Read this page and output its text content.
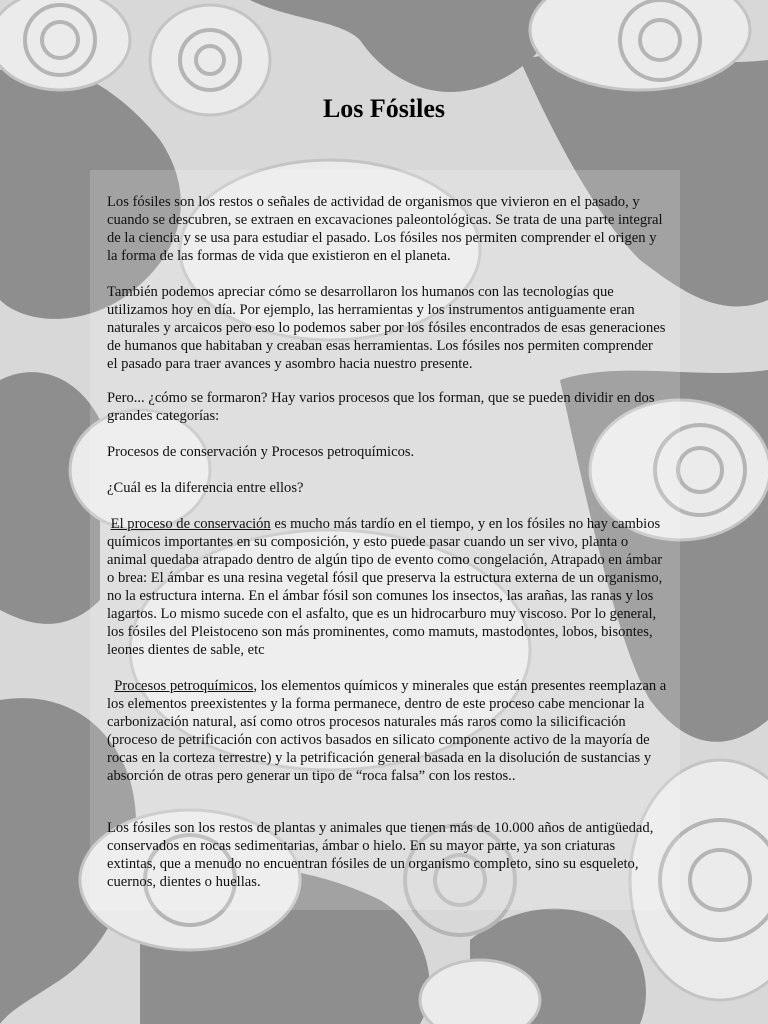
Los Fósiles
Los fósiles son los restos o señales de actividad de organismos que vivieron en el pasado, y cuando se descubren, se extraen en excavaciones paleontológicas. Se trata de una parte integral de la ciencia y se usa para estudiar el pasado. Los fósiles nos permiten comprender el origen y la forma de las formas de vida que existieron en el planeta.
También podemos apreciar cómo se desarrollaron los humanos con las tecnologías que utilizamos hoy en día. Por ejemplo, las herramientas y los instrumentos antiguamente eran naturales y arcaicos pero eso lo podemos saber por los fósiles encontrados de esas generaciones de humanos que habitaban y creaban esas herramientas. Los fósiles nos permiten comprender el pasado para traer avances y asombro hacia nuestro presente.
Pero... ¿cómo se formaron? Hay varios procesos que los forman, que se pueden dividir en dos grandes categorías:
Procesos de conservación y Procesos petroquímicos.
¿Cuál es la diferencia entre ellos?
El proceso de conservación es mucho más tardío en el tiempo, y en los fósiles no hay cambios químicos importantes en su composición, y esto puede pasar cuando un ser vivo, planta o animal quedaba atrapado dentro de algún tipo de evento como congelación, Atrapado en ámbar o brea: El ámbar es una resina vegetal fósil que preserva la estructura externa de un organismo, no la estructura interna. En el ámbar fósil son comunes los insectos, las arañas, las ranas y los lagartos. Lo mismo sucede con el asfalto, que es un hidrocarburo muy viscoso. Por lo general, los fósiles del Pleistoceno son más prominentes, como mamuts, mastodontes, lobos, bisontes, leones dientes de sable, etc
Procesos petroquímicos, los elementos químicos y minerales que están presentes reemplazan a los elementos preexistentes y la forma permanece, dentro de este proceso cabe mencionar la carbonización natural, así como otros procesos naturales más raros como la silicificación (proceso de petrificación con activos basados en silicato componente activo de la mayoría de rocas en la corteza terrestre) y la petrificación general basada en la disolución de sustancias y absorción de otras pero generar un tipo de “roca falsa” con los restos..
Los fósiles son los restos de plantas y animales que tienen más de 10.000 años de antigüedad, conservados en rocas sedimentarias, ámbar o hielo. En su mayor parte, ya son criaturas extintas, que a menudo no encuentran fósiles de un organismo completo, sino su esqueleto, cuernos, dientes o huellas.
